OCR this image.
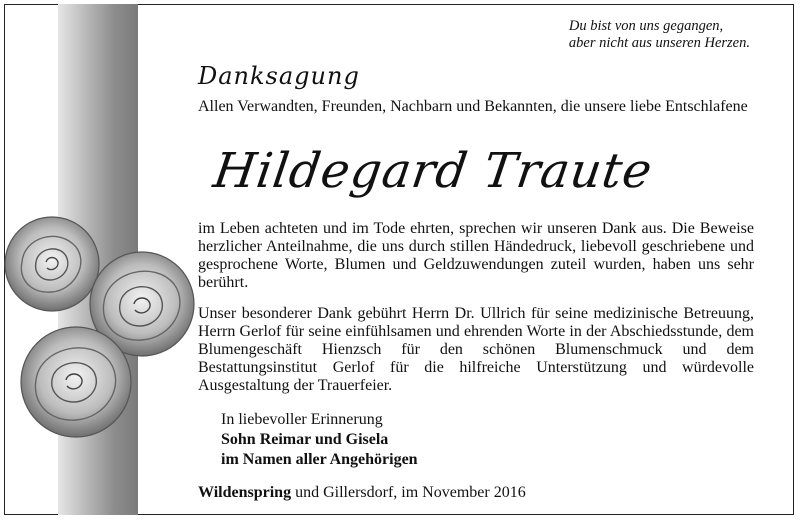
Du bist von uns gegangen,
aber nicht aus unseren Herzen.
Danksagung
Allen Verwandten, Freunden, Nachbarn und Bekannten, die unsere liebe Entschlafene
Hildegard Traute
im Leben achteten und im Tode ehrten, sprechen wir unseren Dank aus. Die Beweise herzlicher Anteilnahme, die uns durch stillen Händedruck, liebevoll geschriebene und gesprochene Worte, Blumen und Geldzuwendungen zuteil wurden, haben uns sehr berührt.
Unser besonderer Dank gebührt Herrn Dr. Ullrich für seine medizinische Betreuung, Herrn Gerlof für seine einfühlsamen und ehrenden Worte in der Abschiedsstunde, dem Blumengeschäft Hienzsch für den schönen Blumenschmuck und dem Bestattungsinstitut Gerlof für die hilfreiche Unterstützung und würdevolle Ausgestaltung der Trauerfeier.
In liebevoller Erinnerung
Sohn Reimar und Gisela
im Namen aller Angehörigen
Wildenspring und Gillersdorf, im November 2016
